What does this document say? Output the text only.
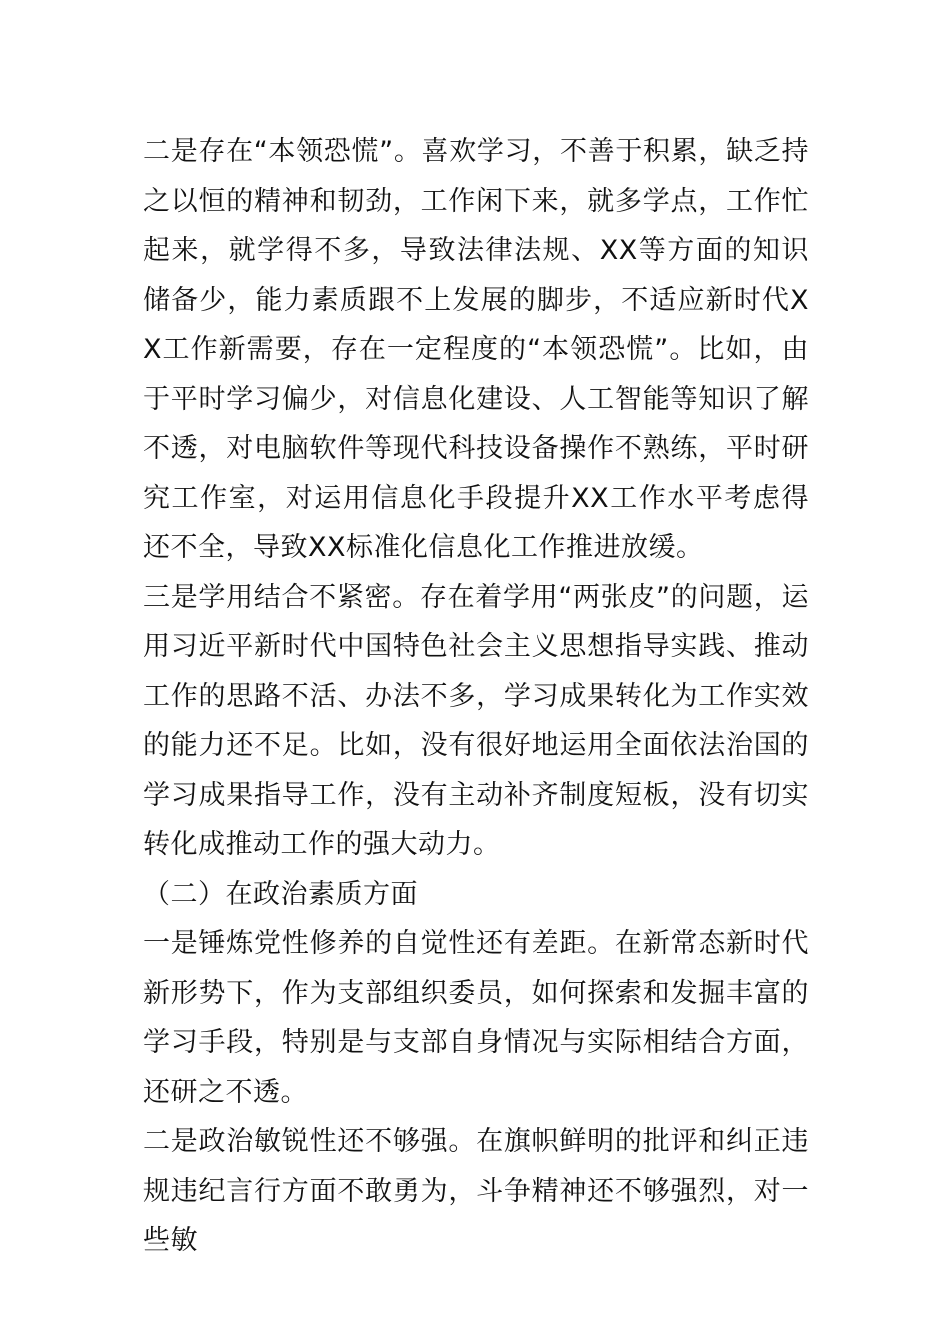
二是存在“本领恐慌”。喜欢学习，不善于积累，缺乏持之以恒的精神和韧劲，工作闲下来，就多学点，工作忙起来，就学得不多，导致法律法规、XX等方面的知识储备少，能力素质跟不上发展的脚步，不适应新时代XX工作新需要，存在一定程度的“本领恐慌”。比如，由于平时学习偏少，对信息化建设、人工智能等知识了解不透，对电脑软件等现代科技设备操作不熟练，平时研究工作室，对运用信息化手段提升XX工作水平考虑得还不全，导致XX标准化信息化工作推进放缓。

三是学用结合不紧密。存在着学用“两张皮”的问题，运用习近平新时代中国特色社会主义思想指导实践、推动工作的思路不活、办法不多，学习成果转化为工作实效的能力还不足。比如，没有很好地运用全面依法治国的学习成果指导工作，没有主动补齐制度短板，没有切实转化成推动工作的强大动力。

（二）在政治素质方面

一是锤炼党性修养的自觉性还有差距。在新常态新时代新形势下，作为支部组织委员，如何探索和发掘丰富的学习手段，特别是与支部自身情况与实际相结合方面，还研之不透。

二是政治敏锐性还不够强。在旗帜鲜明的批评和纠正违规违纪言行方面不敢勇为，斗争精神还不够强烈，对一些敏
